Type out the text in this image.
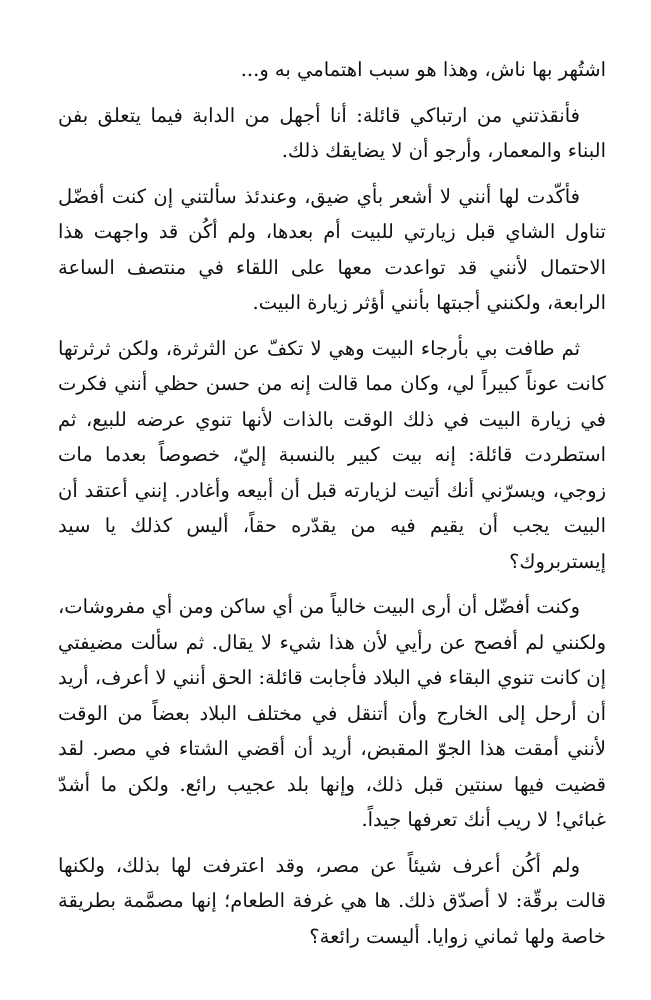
اشتُهر بها ناش، وهذا هو سبب اهتمامي به و...

فأنقذتني من ارتباكي قائلة: أنا أجهل من الدابة فيما يتعلق بفن البناء والمعمار، وأرجو أن لا يضايقك ذلك.

فأكّدت لها أنني لا أشعر بأي ضيق، وعندئذ سألتني إن كنت أفضّل تناول الشاي قبل زيارتي للبيت أم بعدها، ولم أكُن قد واجهت هذا الاحتمال لأنني قد تواعدت معها على اللقاء في منتصف الساعة الرابعة، ولكنني أجبتها بأنني أؤثر زيارة البيت.

ثم طافت بي بأرجاء البيت وهي لا تكفّ عن الثرثرة، ولكن ثرثرتها كانت عوناً كبيراً لي، وكان مما قالت إنه من حسن حظي أنني فكرت في زيارة البيت في ذلك الوقت بالذات لأنها تنوي عرضه للبيع، ثم استطردت قائلة: إنه بيت كبير بالنسبة إليّ، خصوصاً بعدما مات زوجي، ويسرّني أنك أتيت لزيارته قبل أن أبيعه وأغادر. إنني أعتقد أن البيت يجب أن يقيم فيه من يقدّره حقاً، أليس كذلك يا سيد إيستربروك؟

وكنت أفضّل أن أرى البيت خالياً من أي ساكن ومن أي مفروشات، ولكنني لم أفصح عن رأيي لأن هذا شيء لا يقال. ثم سألت مضيفتي إن كانت تنوي البقاء في البلاد فأجابت قائلة: الحق أنني لا أعرف، أريد أن أرحل إلى الخارج وأن أتنقل في مختلف البلاد بعضاً من الوقت لأنني أمقت هذا الجوّ المقبض، أريد أن أقضي الشتاء في مصر. لقد قضيت فيها سنتين قبل ذلك، وإنها بلد عجيب رائع. ولكن ما أشدّ غبائي! لا ريب أنك تعرفها جيداً.

ولم أكُن أعرف شيئاً عن مصر، وقد اعترفت لها بذلك، ولكنها قالت برقّة: لا أصدّق ذلك. ها هي غرفة الطعام؛ إنها مصمَّمة بطريقة خاصة ولها ثماني زوايا. أليست رائعة؟
